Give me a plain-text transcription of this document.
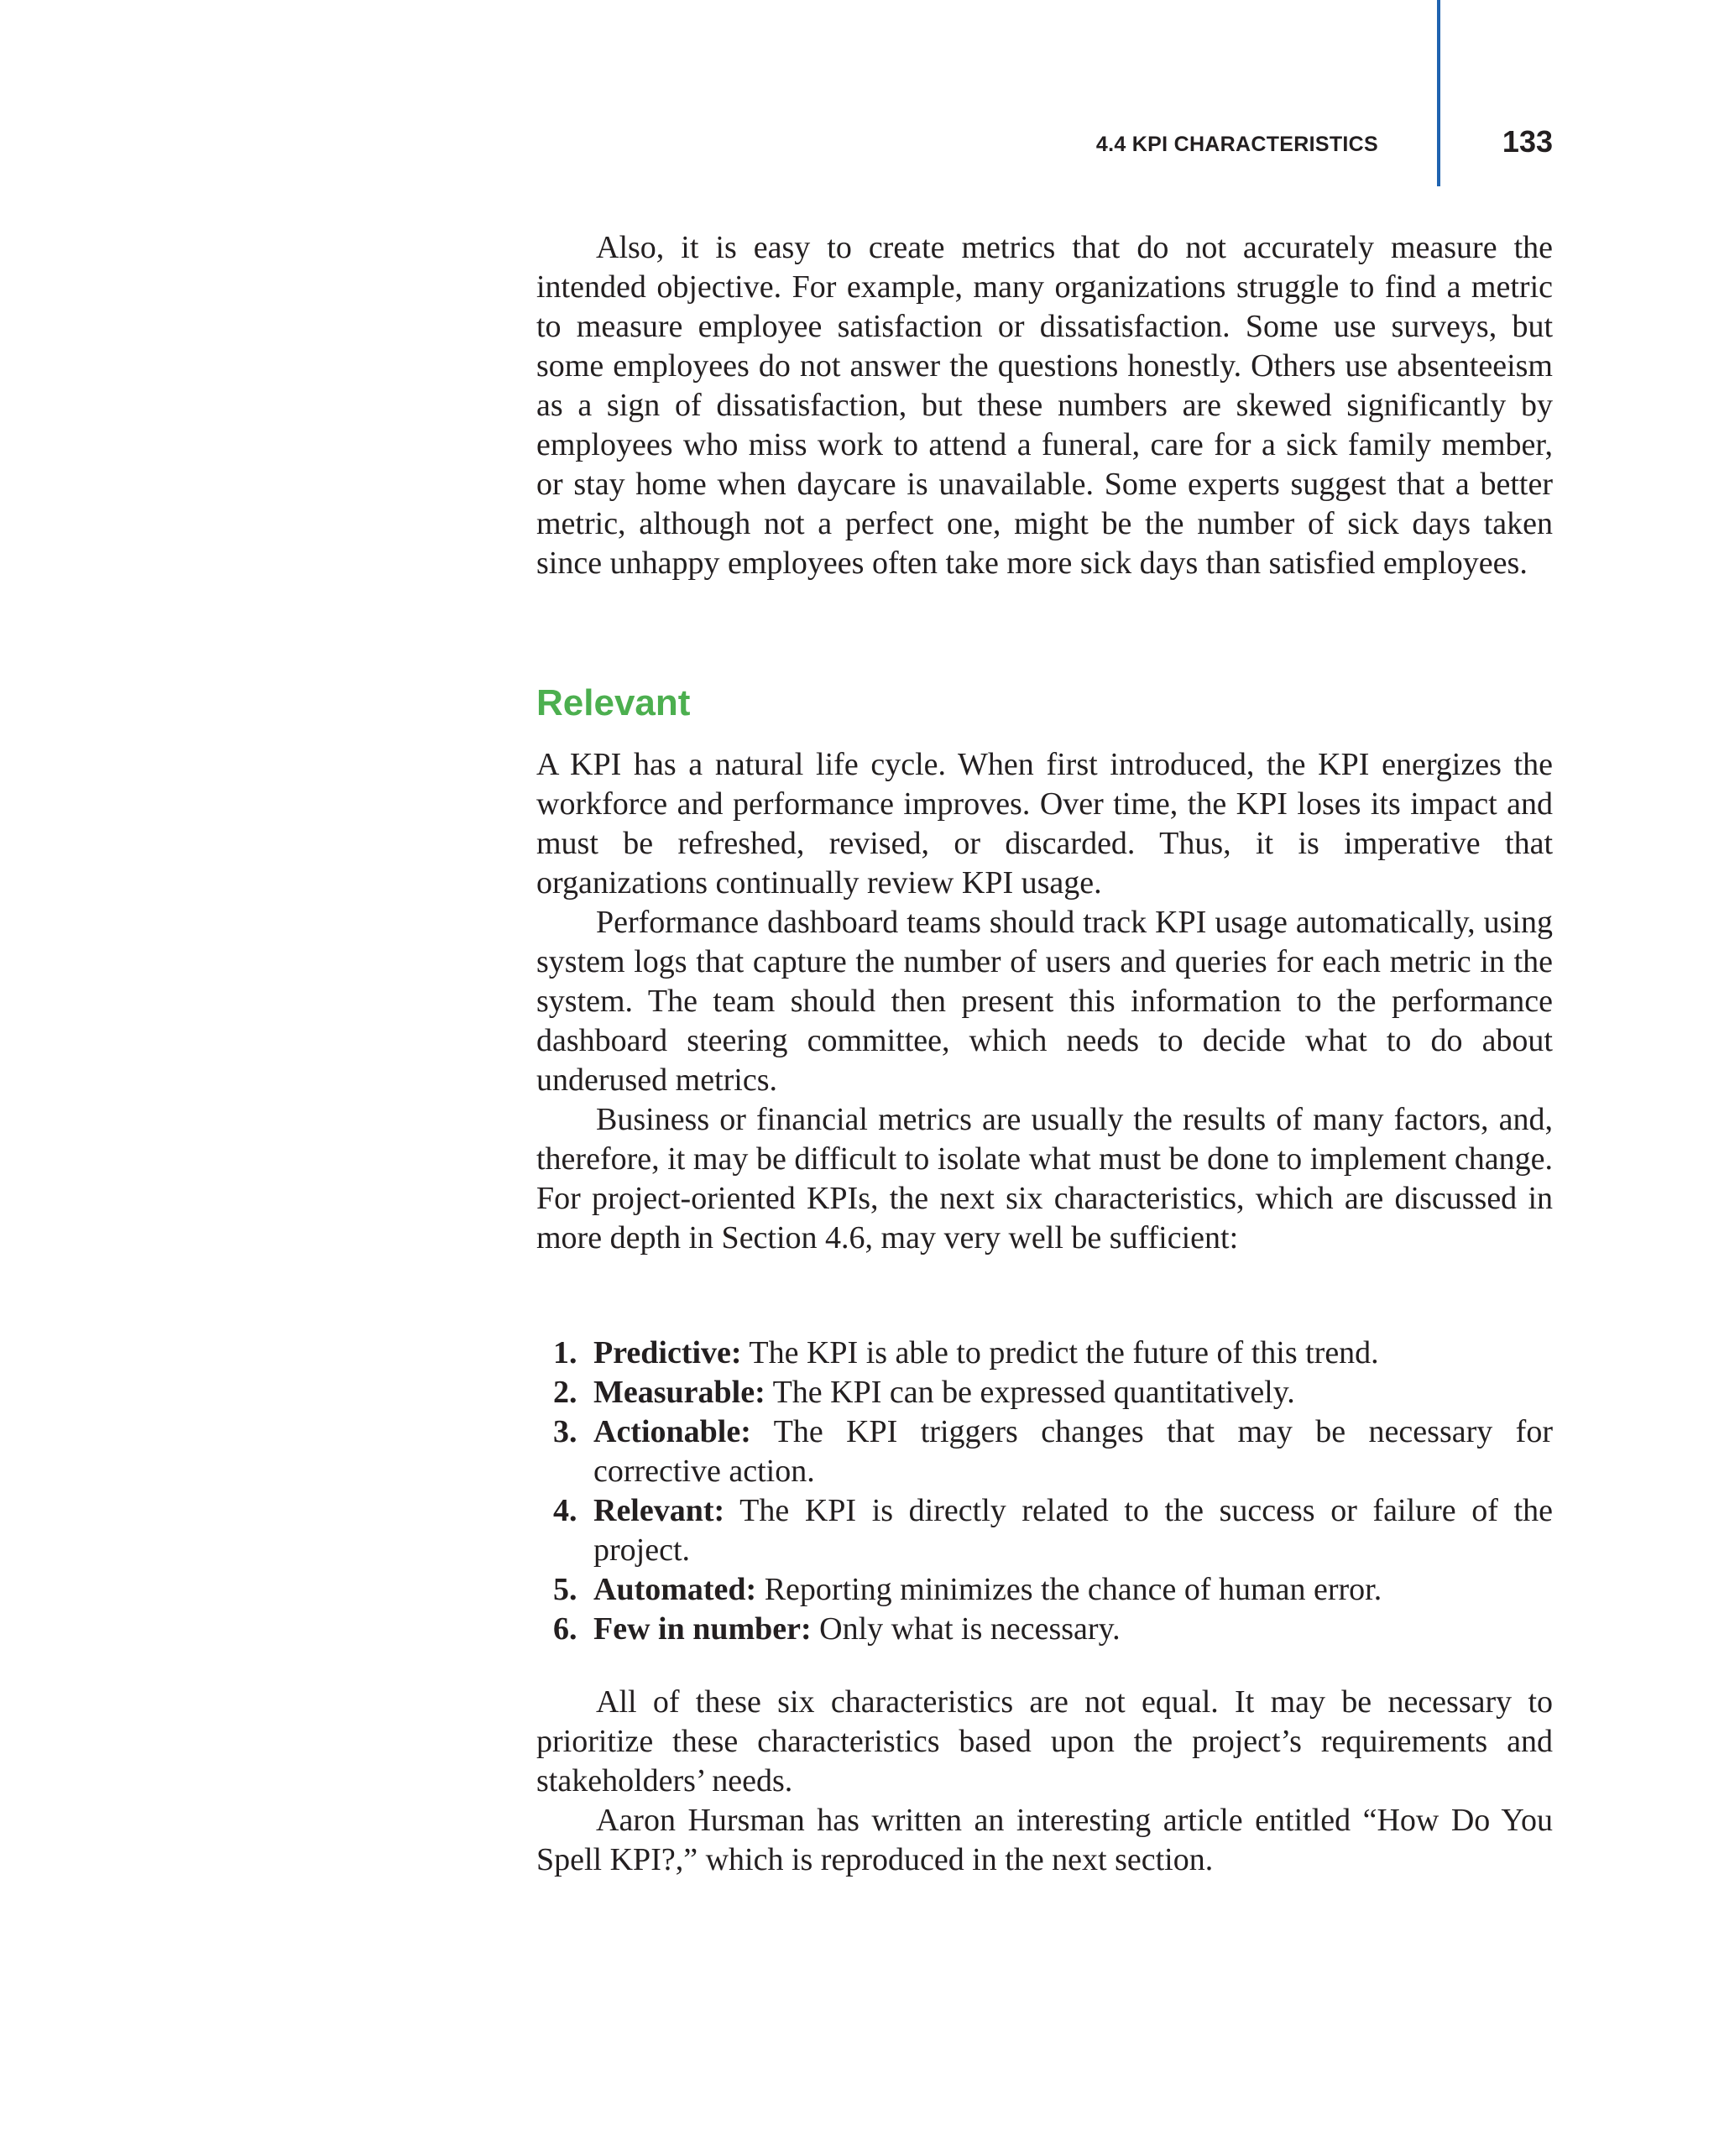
4.4 KPI CHARACTERISTICS	133

Also, it is easy to create metrics that do not accurately measure the intended objective. For example, many organizations struggle to find a metric to measure employee satisfaction or dissatisfaction. Some use surveys, but some employees do not answer the questions honestly. Others use absenteeism as a sign of dissatisfaction, but these numbers are skewed significantly by employees who miss work to attend a funeral, care for a sick family member, or stay home when daycare is unavailable. Some experts suggest that a better metric, although not a perfect one, might be the number of sick days taken since unhappy employees often take more sick days than satisfied employees.

Relevant

A KPI has a natural life cycle. When first introduced, the KPI energizes the workforce and performance improves. Over time, the KPI loses its impact and must be refreshed, revised, or discarded. Thus, it is imperative that organizations continually review KPI usage.

Performance dashboard teams should track KPI usage automatically, using system logs that capture the number of users and queries for each metric in the system. The team should then present this information to the performance dashboard steering committee, which needs to decide what to do about underused metrics.

Business or financial metrics are usually the results of many factors, and, therefore, it may be difficult to isolate what must be done to implement change. For project-oriented KPIs, the next six characteristics, which are discussed in more depth in Section 4.6, may very well be sufficient:

1. Predictive: The KPI is able to predict the future of this trend.
2. Measurable: The KPI can be expressed quantitatively.
3. Actionable: The KPI triggers changes that may be necessary for corrective action.
4. Relevant: The KPI is directly related to the success or failure of the project.
5. Automated: Reporting minimizes the chance of human error.
6. Few in number: Only what is necessary.

All of these six characteristics are not equal. It may be necessary to prioritize these characteristics based upon the project’s requirements and stakeholders’ needs.

Aaron Hursman has written an interesting article entitled “How Do You Spell KPI?,” which is reproduced in the next section.
